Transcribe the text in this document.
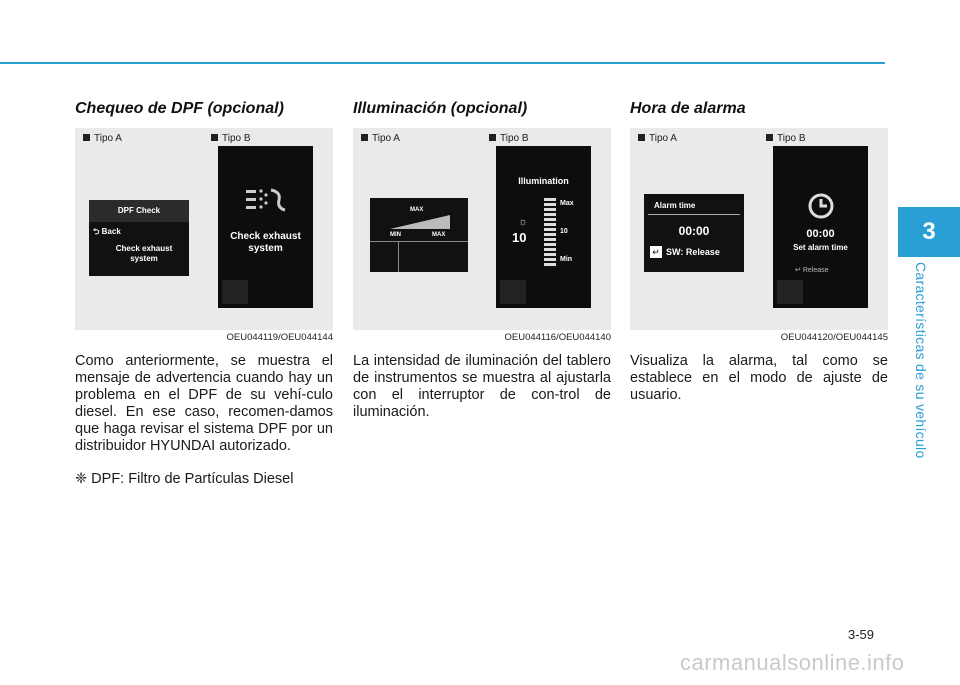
3
Características de su vehículo
Chequeo de DPF (opcional)
Tipo A	Tipo B
DPF Check
⮌ Back
Check exhaust
system
Check exhaust
system
OEU044119/OEU044144
Como anteriormente, se muestra el mensaje de advertencia cuando hay un problema en el DPF de su vehí-culo diesel. En ese caso, recomen-damos que haga revisar el sistema DPF por un distribuidor HYUNDAI autorizado.
❈ DPF: Filtro de Partículas Diesel
Illuminación (opcional)
Tipo A	Tipo B
MAX
MIN	MAX
Illumination
☼
10
Max
10
Min
OEU044116/OEU044140
La intensidad de iluminación del tablero de instrumentos se muestra al ajustarla con el interruptor de con-trol de iluminación.
Hora de alarma
Tipo A	Tipo B
Alarm time
00:00
↵ SW: Release
00:00
Set alarm time
↵ Release
OEU044120/OEU044145
Visualiza la alarma, tal como se establece en el modo de ajuste de usuario.
3-59
carmanualsonline.info
